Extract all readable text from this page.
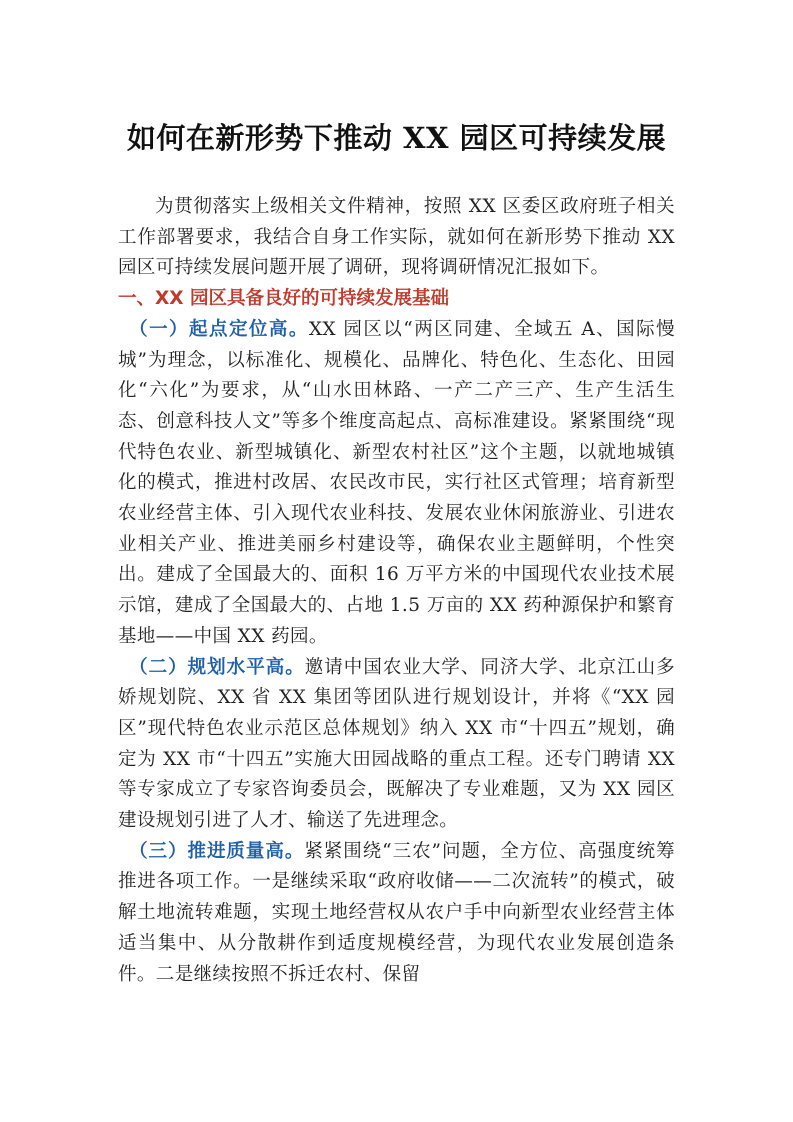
如何在新形势下推动 XX 园区可持续发展

为贯彻落实上级相关文件精神，按照 XX 区委区政府班子相关工作部署要求，我结合自身工作实际，就如何在新形势下推动 XX 园区可持续发展问题开展了调研，现将调研情况汇报如下。

一、XX 园区具备良好的可持续发展基础

（一）起点定位高。XX 园区以“两区同建、全域五 A、国际慢城”为理念，以标准化、规模化、品牌化、特色化、生态化、田园化“六化”为要求，从“山水田林路、一产二产三产、生产生活生态、创意科技人文”等多个维度高起点、高标准建设。紧紧围绕“现代特色农业、新型城镇化、新型农村社区”这个主题，以就地城镇化的模式，推进村改居、农民改市民，实行社区式管理；培育新型农业经营主体、引入现代农业科技、发展农业休闲旅游业、引进农业相关产业、推进美丽乡村建设等，确保农业主题鲜明，个性突出。建成了全国最大的、面积 16 万平方米的中国现代农业技术展示馆，建成了全国最大的、占地 1.5 万亩的 XX 药种源保护和繁育基地——中国 XX 药园。

（二）规划水平高。邀请中国农业大学、同济大学、北京江山多娇规划院、XX 省 XX 集团等团队进行规划设计，并将《“XX 园区”现代特色农业示范区总体规划》纳入 XX 市“十四五”规划，确定为 XX 市“十四五”实施大田园战略的重点工程。还专门聘请 XX 等专家成立了专家咨询委员会，既解决了专业难题，又为 XX 园区建设规划引进了人才、输送了先进理念。

（三）推进质量高。紧紧围绕“三农”问题，全方位、高强度统筹推进各项工作。一是继续采取“政府收储——二次流转”的模式，破解土地流转难题，实现土地经营权从农户手中向新型农业经营主体适当集中、从分散耕作到适度规模经营，为现代农业发展创造条件。二是继续按照不拆迁农村、保留
